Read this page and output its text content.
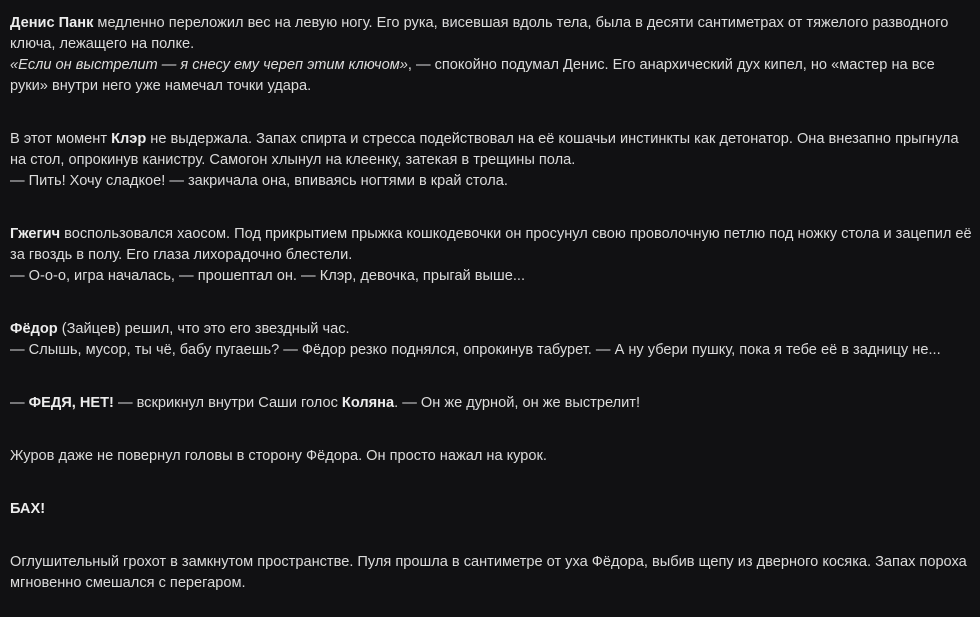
Денис Панк медленно переложил вес на левую ногу. Его рука, висевшая вдоль тела, была в десяти сантиметрах от тяжелого разводного ключа, лежащего на полке.

«Если он выстрелит — я снесу ему череп этим ключом», — спокойно подумал Денис. Его анархический дух кипел, но «мастер на все руки» внутри него уже намечал точки удара.

В этот момент Клэр не выдержала. Запах спирта и стресса подействовал на её кошачьи инстинкты как детонатор. Она внезапно прыгнула на стол, опрокинув канистру. Самогон хлынул на клеенку, затекая в трещины пола.

— Пить! Хочу сладкое! — закричала она, впиваясь ногтями в край стола.

Гжегич воспользовался хаосом. Под прикрытием прыжка кошкодевочки он просунул свою проволочную петлю под ножку стола и зацепил её за гвоздь в полу. Его глаза лихорадочно блестели.

— О-о-о, игра началась, — прошептал он. — Клэр, девочка, прыгай выше...

Фёдор (Зайцев) решил, что это его звездный час.

— Слышь, мусор, ты чё, бабу пугаешь? — Фёдор резко поднялся, опрокинув табурет. — А ну убери пушку, пока я тебе её в задницу не...

— ФЕДЯ, НЕТ! — вскрикнул внутри Саши голос Коляна. — Он же дурной, он же выстрелит!

Журов даже не повернул головы в сторону Фёдора. Он просто нажал на курок.

БАХ!

Оглушительный грохот в замкнутом пространстве. Пуля прошла в сантиметре от уха Фёдора, выбив щепу из дверного косяка. Запах пороха мгновенно смешался с перегаром.
